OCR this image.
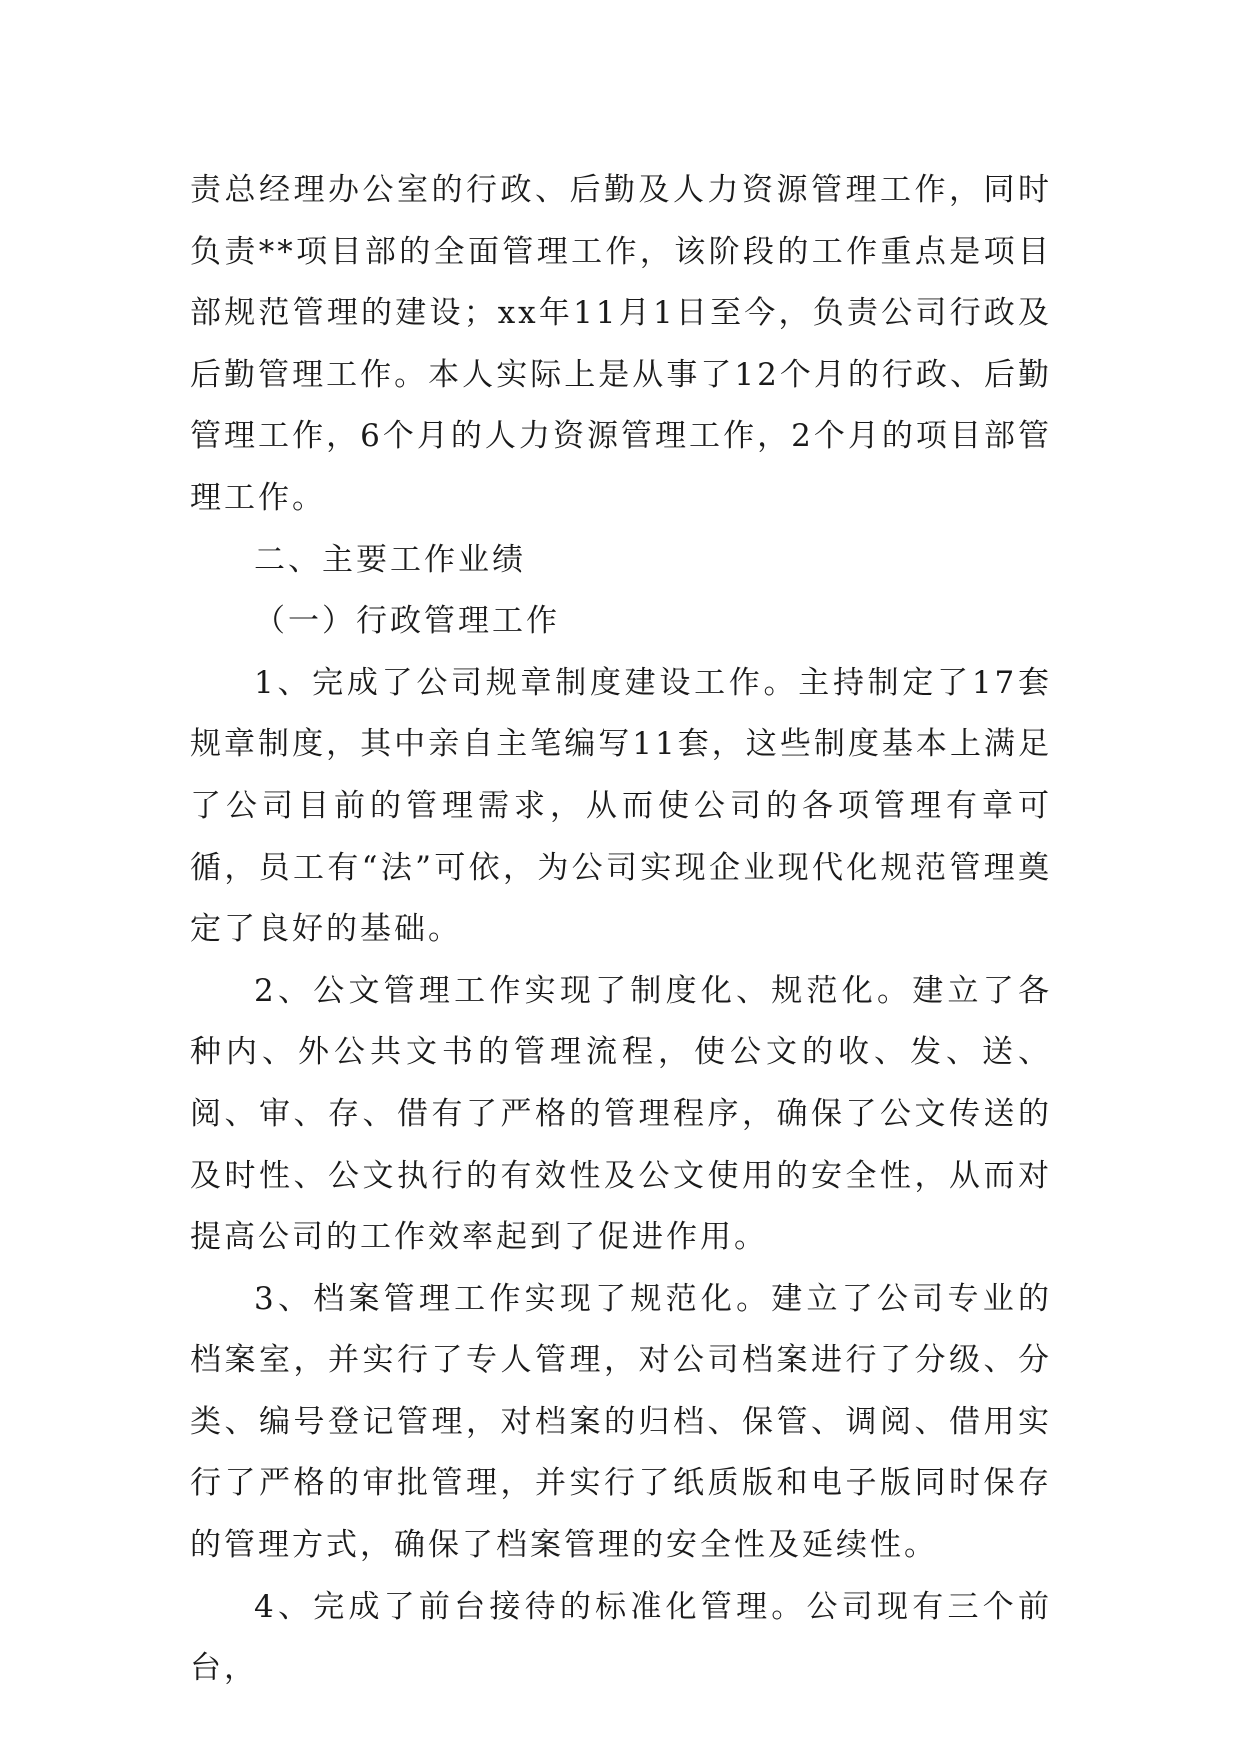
责总经理办公室的行政、后勤及人力资源管理工作，同时负责**项目部的全面管理工作，该阶段的工作重点是项目部规范管理的建设；xx年11月1日至今，负责公司行政及后勤管理工作。本人实际上是从事了12个月的行政、后勤管理工作，6个月的人力资源管理工作，2个月的项目部管理工作。

二、主要工作业绩

（一）行政管理工作

1、完成了公司规章制度建设工作。主持制定了17套规章制度，其中亲自主笔编写11套，这些制度基本上满足了公司目前的管理需求，从而使公司的各项管理有章可循，员工有“法”可依，为公司实现企业现代化规范管理奠定了良好的基础。

2、公文管理工作实现了制度化、规范化。建立了各种内、外公共文书的管理流程，使公文的收、发、送、阅、审、存、借有了严格的管理程序，确保了公文传送的及时性、公文执行的有效性及公文使用的安全性，从而对提高公司的工作效率起到了促进作用。

3、档案管理工作实现了规范化。建立了公司专业的档案室，并实行了专人管理，对公司档案进行了分级、分类、编号登记管理，对档案的归档、保管、调阅、借用实行了严格的审批管理，并实行了纸质版和电子版同时保存的管理方式，确保了档案管理的安全性及延续性。

4、完成了前台接待的标准化管理。公司现有三个前台，
